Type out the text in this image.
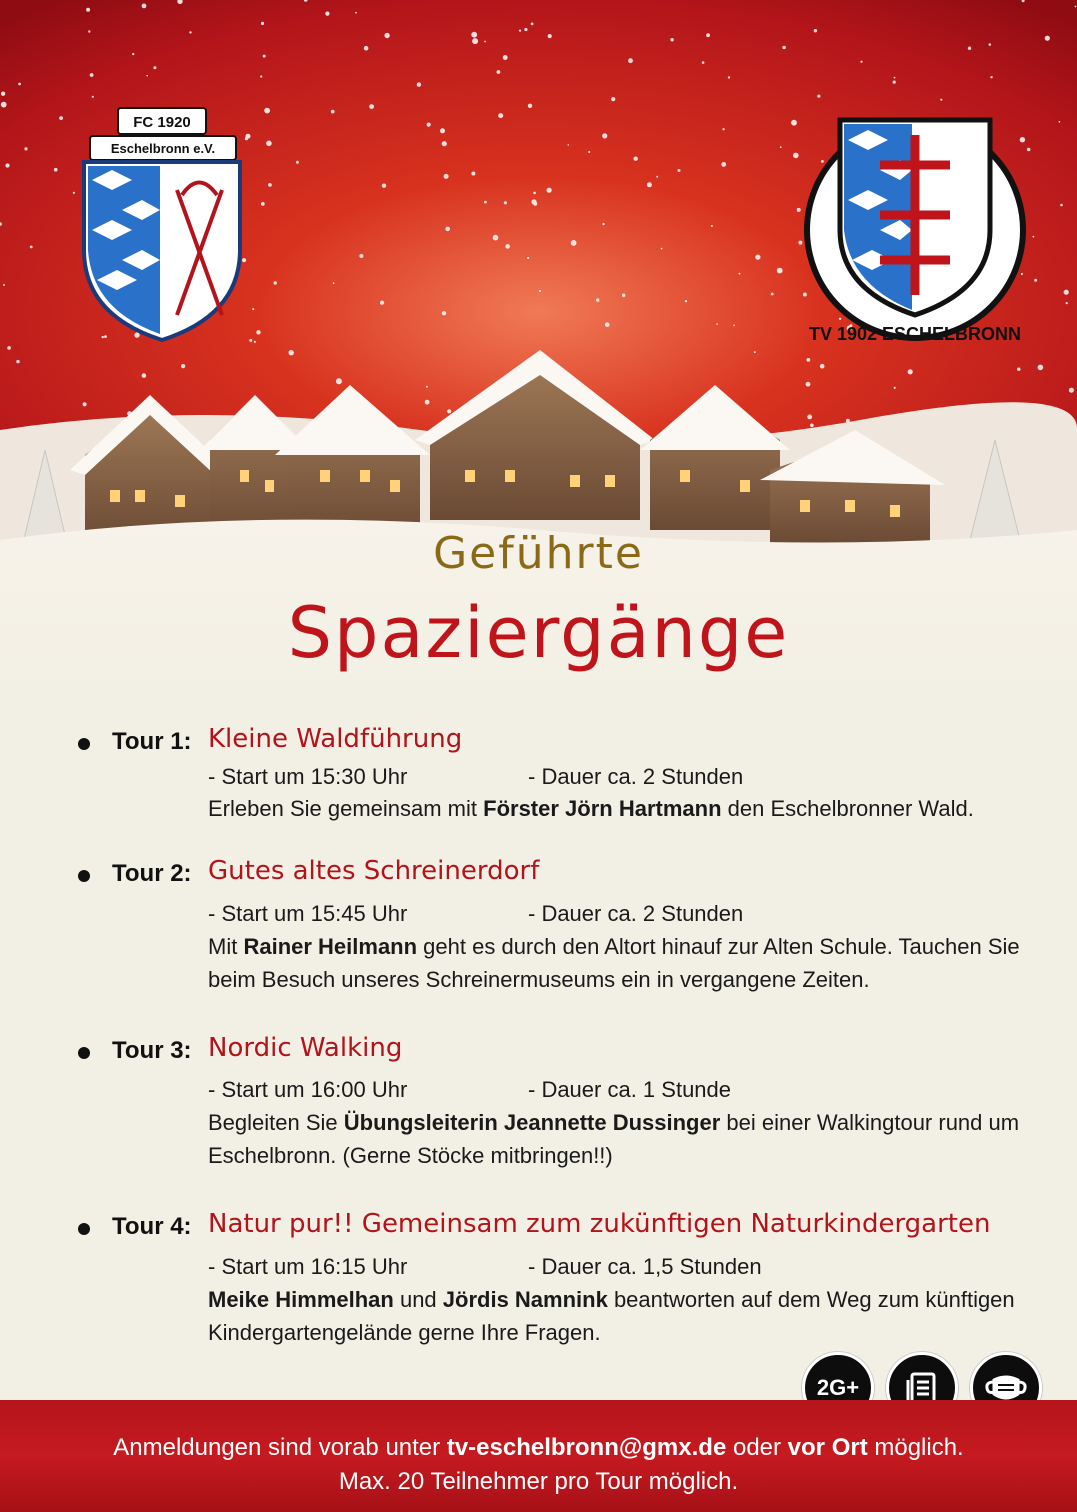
FC 1920
Eschelbronn e.V.
TV 1902 ESCHELBRONN
Geführte
Spaziergänge
Tour 1: Kleine Waldführung
- Start um 15:30 Uhr	- Dauer ca. 2 Stunden
Erleben Sie gemeinsam mit Förster Jörn Hartmann den Eschelbronner Wald.
Tour 2: Gutes altes Schreinerdorf
- Start um 15:45 Uhr	- Dauer ca. 2 Stunden
Mit Rainer Heilmann geht es durch den Altort hinauf zur Alten Schule. Tauchen Sie beim Besuch unseres Schreinermuseums ein in vergangene Zeiten.
Tour 3: Nordic Walking
- Start um 16:00 Uhr	- Dauer ca. 1 Stunde
Begleiten Sie Übungsleiterin Jeannette Dussinger bei einer Walkingtour rund um Eschelbronn. (Gerne Stöcke mitbringen!!)
Tour 4: Natur pur!! Gemeinsam zum zukünftigen Naturkindergarten
- Start um 16:15 Uhr	- Dauer ca. 1,5 Stunden
Meike Himmelhan und Jördis Namnink beantworten auf dem Weg zum künftigen Kindergartengelände gerne Ihre Fragen.
2G+
Anmeldungen sind vorab unter tv-eschelbronn@gmx.de oder vor Ort möglich.
Max. 20 Teilnehmer pro Tour möglich.
